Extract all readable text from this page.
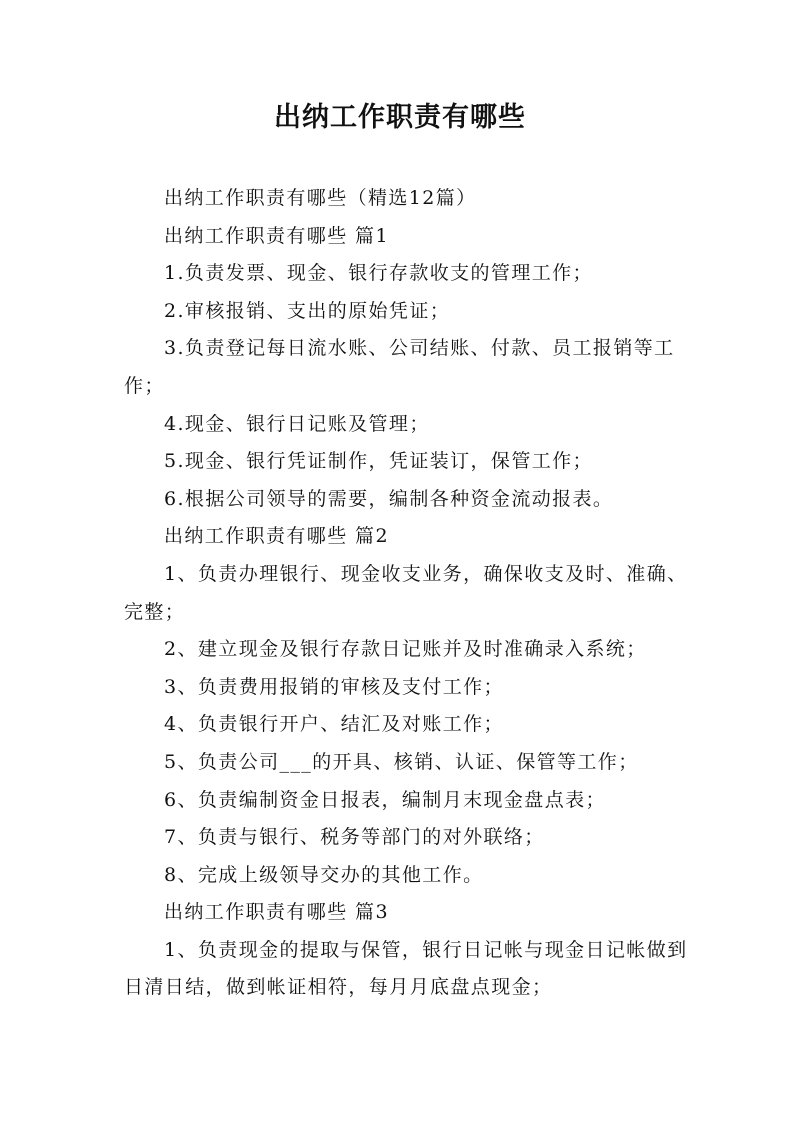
出纳工作职责有哪些

出纳工作职责有哪些（精选12篇）

出纳工作职责有哪些 篇1

1.负责发票、现金、银行存款收支的管理工作；

2.审核报销、支出的原始凭证；

3.负责登记每日流水账、公司结账、付款、员工报销等工作；

4.现金、银行日记账及管理；

5.现金、银行凭证制作，凭证装订，保管工作；

6.根据公司领导的需要，编制各种资金流动报表。

出纳工作职责有哪些 篇2

1、负责办理银行、现金收支业务，确保收支及时、准确、完整；

2、建立现金及银行存款日记账并及时准确录入系统；

3、负责费用报销的审核及支付工作；

4、负责银行开户、结汇及对账工作；

5、负责公司___的开具、核销、认证、保管等工作；

6、负责编制资金日报表，编制月末现金盘点表；

7、负责与银行、税务等部门的对外联络；

8、完成上级领导交办的其他工作。

出纳工作职责有哪些 篇3

1、负责现金的提取与保管，银行日记帐与现金日记帐做到日清日结，做到帐证相符，每月月底盘点现金；
